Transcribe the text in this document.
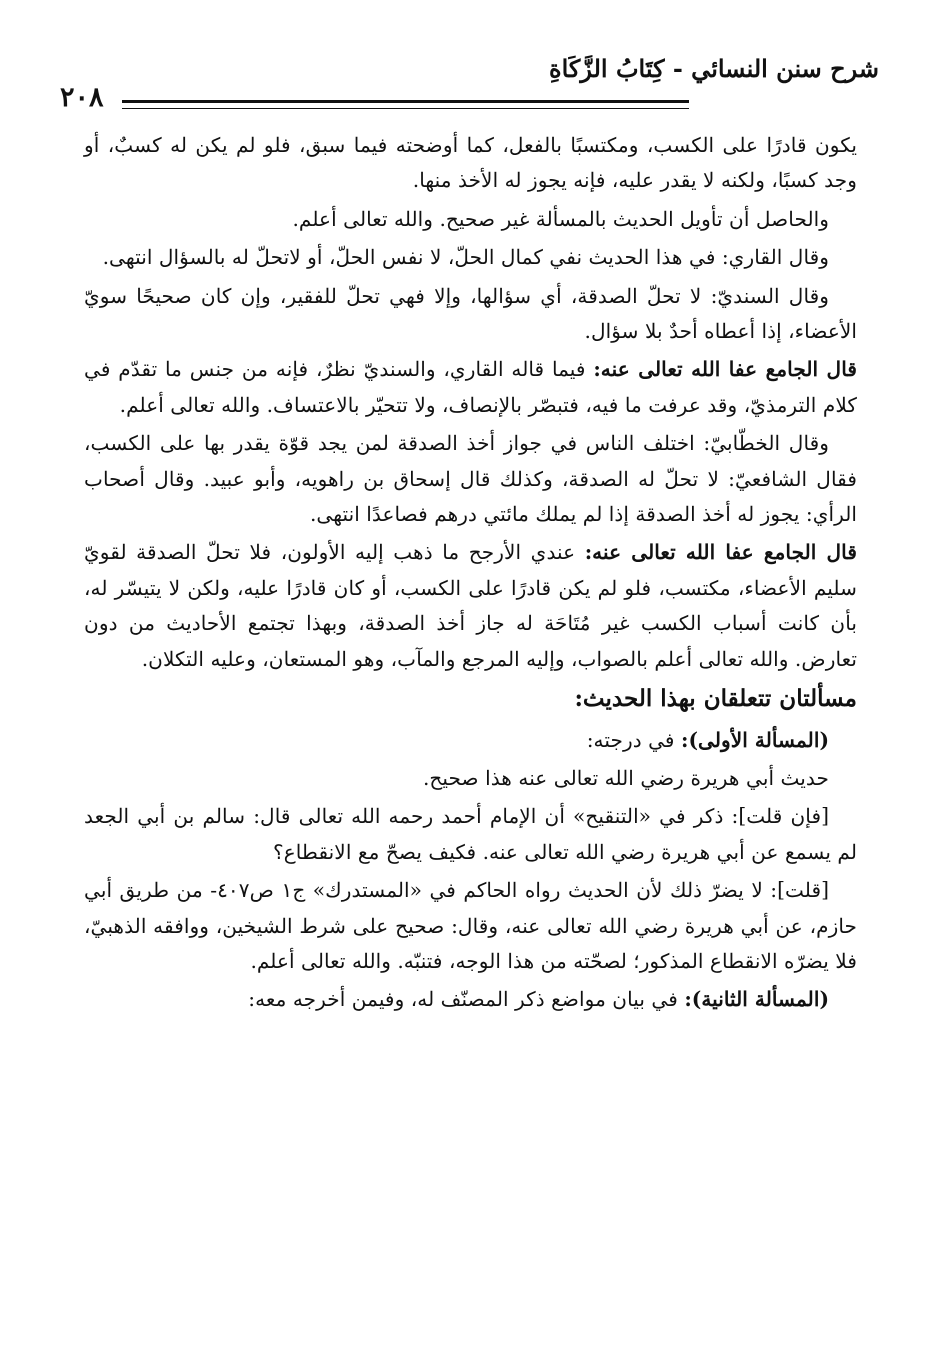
شرح سنن النسائي - كِتَابُ الزَّكَاةِ
٢٠٨

يكون قادرًا على الكسب، ومكتسبًا بالفعل، كما أوضحته فيما سبق، فلو لم يكن له كسبٌ، أو وجد كسبًا، ولكنه لا يقدر عليه، فإنه يجوز له الأخذ منها.

والحاصل أن تأويل الحديث بالمسألة غير صحيح. والله تعالى أعلم.

وقال القاري: في هذا الحديث نفي كمال الحلّ، لا نفس الحلّ، أو لاتحلّ له بالسؤال انتهى.

وقال السنديّ: لا تحلّ الصدقة، أي سؤالها، وإلا فهي تحلّ للفقير، وإن كان صحيحًا سويّ الأعضاء، إذا أعطاه أحدٌ بلا سؤال.

قال الجامع عفا الله تعالى عنه: فيما قاله القاري، والسنديّ نظرٌ، فإنه من جنس ما تقدّم في كلام الترمذيّ، وقد عرفت ما فيه، فتبصّر بالإنصاف، ولا تتحيّر بالاعتساف. والله تعالى أعلم.

وقال الخطّابيّ: اختلف الناس في جواز أخذ الصدقة لمن يجد قوّة يقدر بها على الكسب، فقال الشافعيّ: لا تحلّ له الصدقة، وكذلك قال إسحاق بن راهويه، وأبو عبيد. وقال أصحاب الرأي: يجوز له أخذ الصدقة إذا لم يملك مائتي درهم فصاعدًا انتهى.

قال الجامع عفا الله تعالى عنه: عندي الأرجح ما ذهب إليه الأولون، فلا تحلّ الصدقة لقويّ سليم الأعضاء، مكتسب، فلو لم يكن قادرًا على الكسب، أو كان قادرًا عليه، ولكن لا يتيسّر له، بأن كانت أسباب الكسب غير مُتَاحَة له جاز أخذ الصدقة، وبهذا تجتمع الأحاديث من دون تعارض. والله تعالى أعلم بالصواب، وإليه المرجع والمآب، وهو المستعان، وعليه التكلان.

مسألتان تتعلقان بهذا الحديث:

(المسألة الأولى): في درجته:

حديث أبي هريرة رضي الله تعالى عنه هذا صحيح.

[فإن قلت]: ذكر في «التنقيح» أن الإمام أحمد رحمه الله تعالى قال: سالم بن أبي الجعد لم يسمع عن أبي هريرة رضي الله تعالى عنه. فكيف يصحّ مع الانقطاع؟

[قلت]: لا يضرّ ذلك لأن الحديث رواه الحاكم في «المستدرك» ج١ ص٤٠٧- من طريق أبي حازم، عن أبي هريرة رضي الله تعالى عنه، وقال: صحيح على شرط الشيخين، ووافقه الذهبيّ، فلا يضرّه الانقطاع المذكور؛ لصحّته من هذا الوجه، فتنبّه. والله تعالى أعلم.

(المسألة الثانية): في بيان مواضع ذكر المصنّف له، وفيمن أخرجه معه:
